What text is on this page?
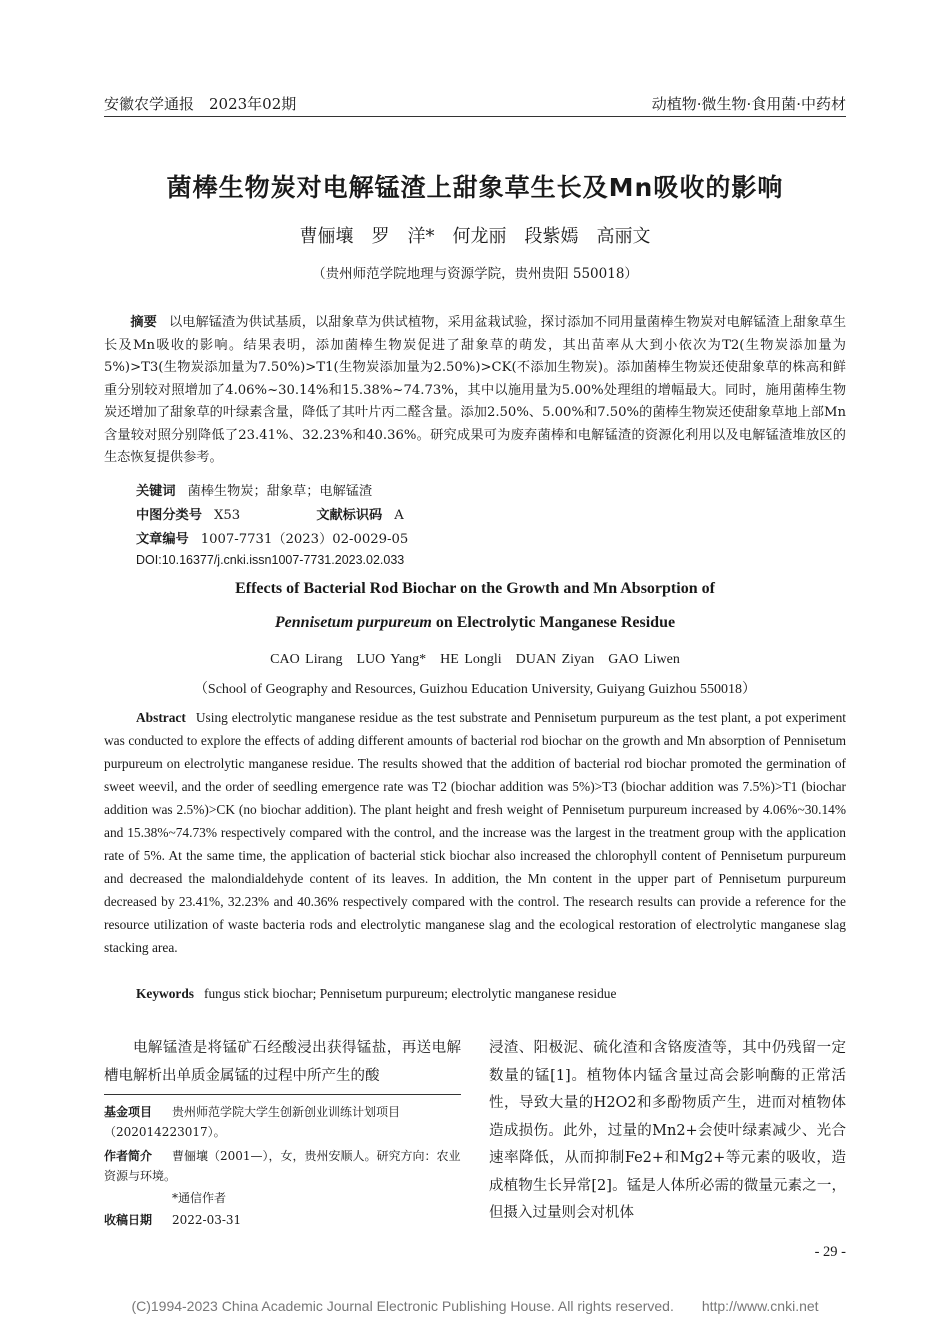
安徽农学通报　2023年02期	动植物·微生物·食用菌·中药材
菌棒生物炭对电解锰渣上甜象草生长及Mn吸收的影响
曹俪壤　罗　洋*　何龙丽　段紫嫣　高丽文
（贵州师范学院地理与资源学院，贵州贵阳 550018）
摘要 以电解锰渣为供试基质，以甜象草为供试植物，采用盆栽试验，探讨添加不同用量菌棒生物炭对电解锰渣上甜象草生长及Mn吸收的影响。结果表明，添加菌棒生物炭促进了甜象草的萌发，其出苗率从大到小依次为T2(生物炭添加量为5%)>T3(生物炭添加量为7.50%)>T1(生物炭添加量为2.50%)>CK(不添加生物炭)。添加菌棒生物炭还使甜象草的株高和鲜重分别较对照增加了4.06%~30.14%和15.38%~74.73%，其中以施用量为5.00%处理组的增幅最大。同时，施用菌棒生物炭还增加了甜象草的叶绿素含量，降低了其叶片丙二醛含量。添加2.50%、5.00%和7.50%的菌棒生物炭还使甜象草地上部Mn含量较对照分别降低了23.41%、32.23%和40.36%。研究成果可为废弃菌棒和电解锰渣的资源化利用以及电解锰渣堆放区的生态恢复提供参考。
关键词 菌棒生物炭；甜象草；电解锰渣
中图分类号 X53	文献标识码 A
文章编号 1007-7731（2023）02-0029-05
DOI:10.16377/j.cnki.issn1007-7731.2023.02.033
Effects of Bacterial Rod Biochar on the Growth and Mn Absorption of
Pennisetum purpureum on Electrolytic Manganese Residue
CAO Lirang　LUO Yang*　HE Longli　DUAN Ziyan　GAO Liwen
（School of Geography and Resources, Guizhou Education University, Guiyang Guizhou 550018）
Abstract Using electrolytic manganese residue as the test substrate and Pennisetum purpureum as the test plant, a pot experiment was conducted to explore the effects of adding different amounts of bacterial rod biochar on the growth and Mn absorption of Pennisetum purpureum on electrolytic manganese residue. The results showed that the addition of bacterial rod biochar promoted the germination of sweet weevil, and the order of seedling emergence rate was T2 (biochar addition was 5%)>T3 (biochar addition was 7.5%)>T1 (biochar addition was 2.5%)>CK (no biochar addition). The plant height and fresh weight of Pennisetum purpureum increased by 4.06%~30.14% and 15.38%~74.73% respectively compared with the control, and the increase was the largest in the treatment group with the application rate of 5%. At the same time, the application of bacterial stick biochar also increased the chlorophyll content of Pennisetum purpureum and decreased the malondialdehyde content of its leaves. In addition, the Mn content in the upper part of Pennisetum purpureum decreased by 23.41%, 32.23% and 40.36% respectively compared with the control. The research results can provide a reference for the resource utilization of waste bacteria rods and electrolytic manganese slag and the ecological restoration of electrolytic manganese slag stacking area.
Keywords fungus stick biochar; Pennisetum purpureum; electrolytic manganese residue
电解锰渣是将锰矿石经酸浸出获得锰盐，再送电解槽电解析出单质金属锰的过程中所产生的酸
浸渣、阳极泥、硫化渣和含铬废渣等，其中仍残留一定数量的锰[1]。植物体内锰含量过高会影响酶的正常活性，导致大量的H2O2和多酚物质产生，进而对植物体造成损伤。此外，过量的Mn2+会使叶绿素减少、光合速率降低，从而抑制Fe2+和Mg2+等元素的吸收，造成植物生长异常[2]。锰是人体所必需的微量元素之一，但摄入过量则会对机体
基金项目 贵州师范学院大学生创新创业训练计划项目（202014223017）。
作者简介 曹俪壤（2001—），女，贵州安顺人。研究方向：农业资源与环境。
*通信作者
收稿日期 2022-03-31
- 29 -
(C)1994-2023 China Academic Journal Electronic Publishing House. All rights reserved.　　http://www.cnki.net
